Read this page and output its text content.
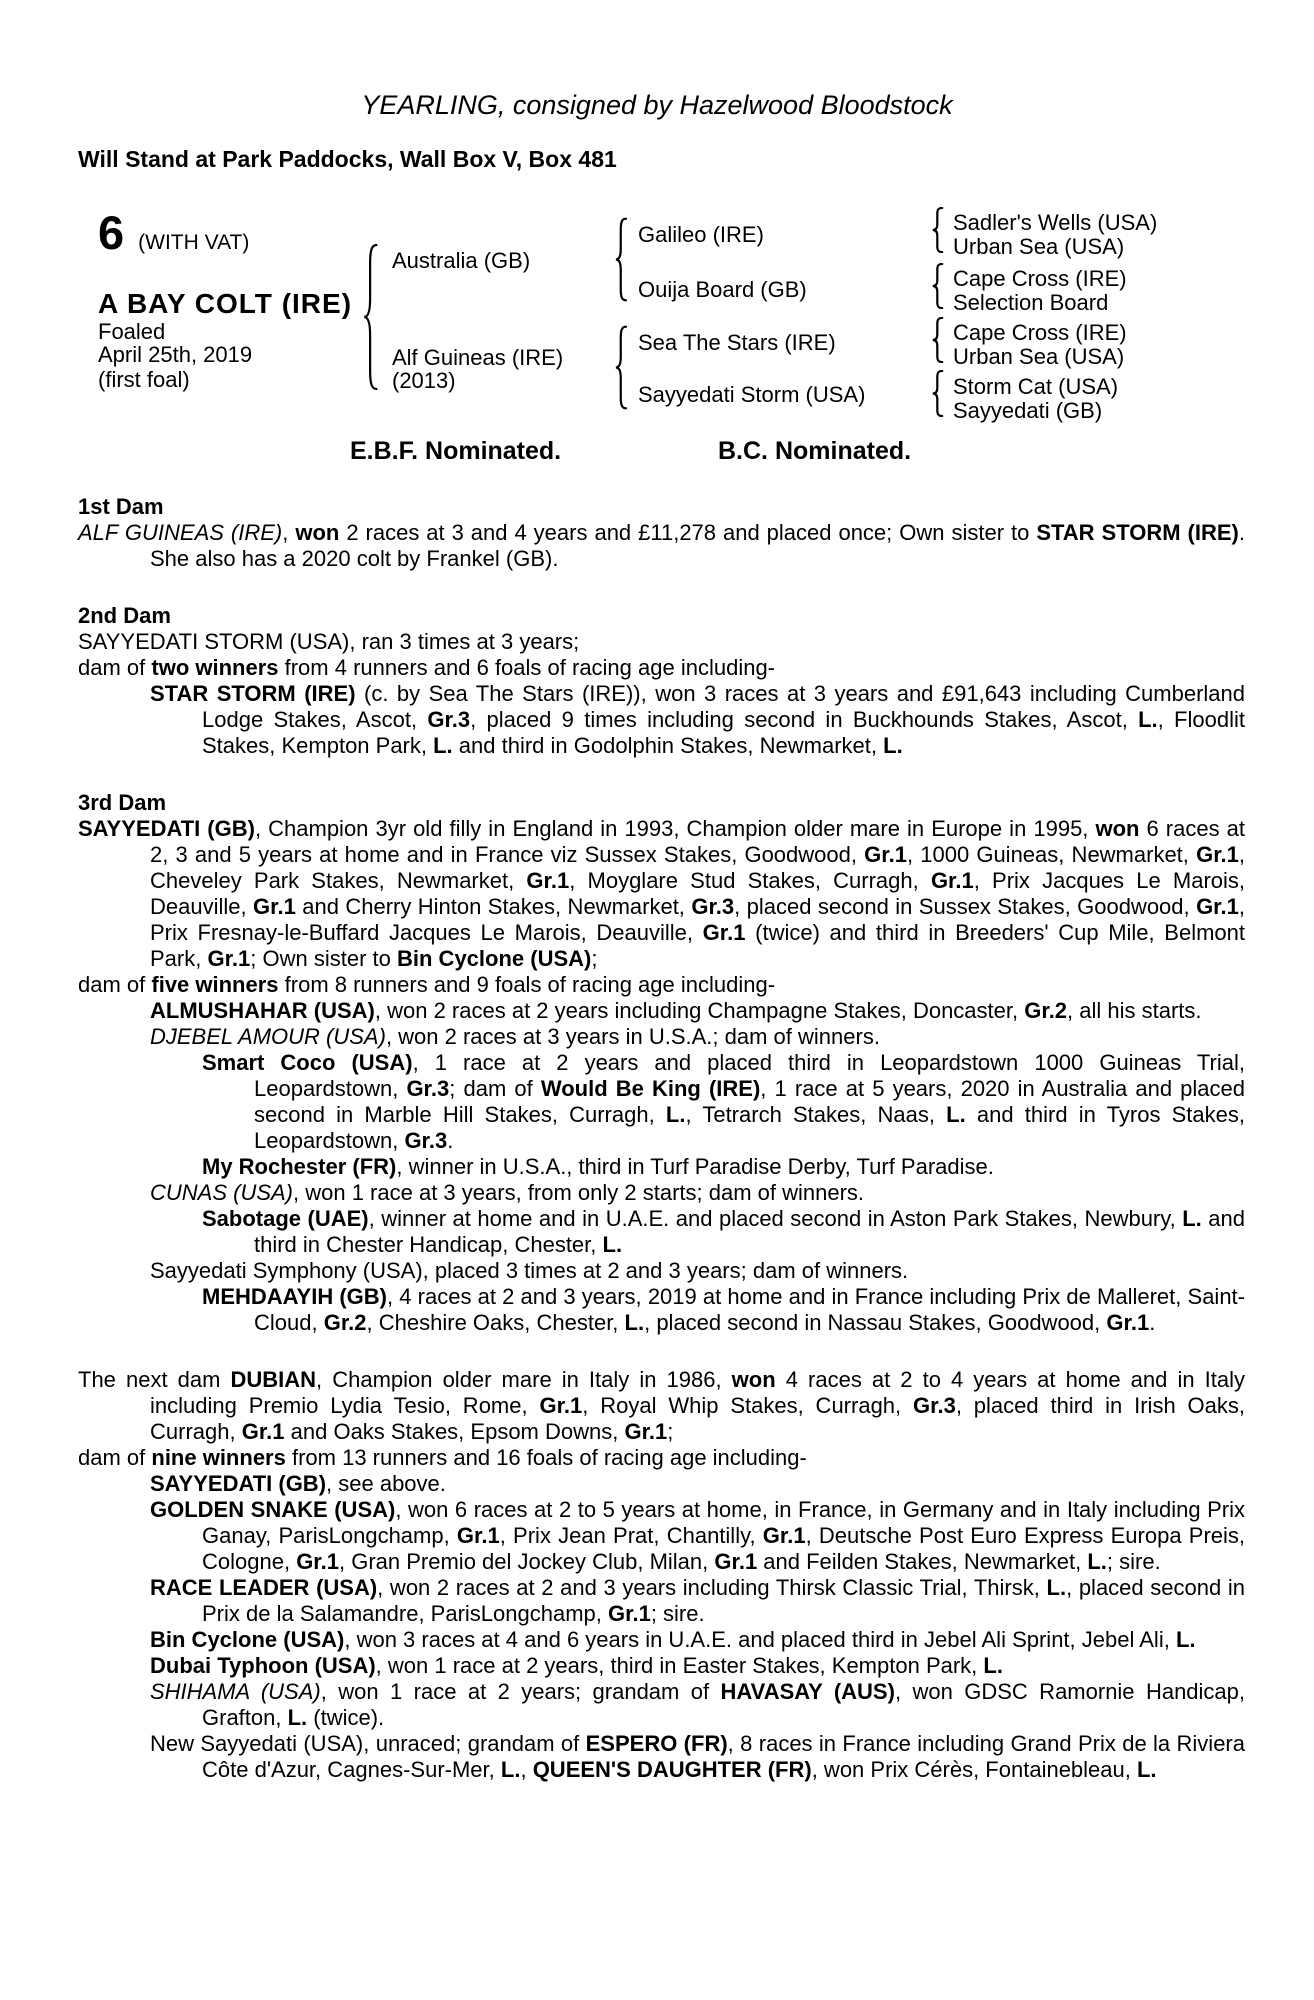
YEARLING, consigned by Hazelwood Bloodstock
Will Stand at Park Paddocks, Wall Box V, Box 481
6 (WITH VAT)
A BAY COLT (IRE)
Foaled
April 25th, 2019
(first foal)
Australia (GB)
Alf Guineas (IRE)
(2013)
Galileo (IRE)
Ouija Board (GB)
Sea The Stars (IRE)
Sayyedati Storm (USA)
Sadler's Wells (USA)
Urban Sea (USA)
Cape Cross (IRE)
Selection Board
Cape Cross (IRE)
Urban Sea (USA)
Storm Cat (USA)
Sayyedati (GB)
E.B.F. Nominated.	B.C. Nominated.
1st Dam

ALF GUINEAS (IRE), won 2 races at 3 and 4 years and £11,278 and placed once; Own sister to STAR STORM (IRE). She also has a 2020 colt by Frankel (GB).

2nd Dam

SAYYEDATI STORM (USA), ran 3 times at 3 years;

dam of two winners from 4 runners and 6 foals of racing age including-

STAR STORM (IRE) (c. by Sea The Stars (IRE)), won 3 races at 3 years and £91,643 including Cumberland Lodge Stakes, Ascot, Gr.3, placed 9 times including second in Buckhounds Stakes, Ascot, L., Floodlit Stakes, Kempton Park, L. and third in Godolphin Stakes, Newmarket, L.

3rd Dam

SAYYEDATI (GB), Champion 3yr old filly in England in 1993, Champion older mare in Europe in 1995, won 6 races at 2, 3 and 5 years at home and in France viz Sussex Stakes, Goodwood, Gr.1, 1000 Guineas, Newmarket, Gr.1, Cheveley Park Stakes, Newmarket, Gr.1, Moyglare Stud Stakes, Curragh, Gr.1, Prix Jacques Le Marois, Deauville, Gr.1 and Cherry Hinton Stakes, Newmarket, Gr.3, placed second in Sussex Stakes, Goodwood, Gr.1, Prix Fresnay-le-Buffard Jacques Le Marois, Deauville, Gr.1 (twice) and third in Breeders' Cup Mile, Belmont Park, Gr.1; Own sister to Bin Cyclone (USA);

dam of five winners from 8 runners and 9 foals of racing age including-

ALMUSHAHAR (USA), won 2 races at 2 years including Champagne Stakes, Doncaster, Gr.2, all his starts.

DJEBEL AMOUR (USA), won 2 races at 3 years in U.S.A.; dam of winners.

Smart Coco (USA), 1 race at 2 years and placed third in Leopardstown 1000 Guineas Trial, Leopardstown, Gr.3; dam of Would Be King (IRE), 1 race at 5 years, 2020 in Australia and placed second in Marble Hill Stakes, Curragh, L., Tetrarch Stakes, Naas, L. and third in Tyros Stakes, Leopardstown, Gr.3.

My Rochester (FR), winner in U.S.A., third in Turf Paradise Derby, Turf Paradise.

CUNAS (USA), won 1 race at 3 years, from only 2 starts; dam of winners.

Sabotage (UAE), winner at home and in U.A.E. and placed second in Aston Park Stakes, Newbury, L. and third in Chester Handicap, Chester, L.

Sayyedati Symphony (USA), placed 3 times at 2 and 3 years; dam of winners.

MEHDAAYIH (GB), 4 races at 2 and 3 years, 2019 at home and in France including Prix de Malleret, Saint-Cloud, Gr.2, Cheshire Oaks, Chester, L., placed second in Nassau Stakes, Goodwood, Gr.1.

The next dam DUBIAN, Champion older mare in Italy in 1986, won 4 races at 2 to 4 years at home and in Italy including Premio Lydia Tesio, Rome, Gr.1, Royal Whip Stakes, Curragh, Gr.3, placed third in Irish Oaks, Curragh, Gr.1 and Oaks Stakes, Epsom Downs, Gr.1;

dam of nine winners from 13 runners and 16 foals of racing age including-

SAYYEDATI (GB), see above.

GOLDEN SNAKE (USA), won 6 races at 2 to 5 years at home, in France, in Germany and in Italy including Prix Ganay, ParisLongchamp, Gr.1, Prix Jean Prat, Chantilly, Gr.1, Deutsche Post Euro Express Europa Preis, Cologne, Gr.1, Gran Premio del Jockey Club, Milan, Gr.1 and Feilden Stakes, Newmarket, L.; sire.

RACE LEADER (USA), won 2 races at 2 and 3 years including Thirsk Classic Trial, Thirsk, L., placed second in Prix de la Salamandre, ParisLongchamp, Gr.1; sire.

Bin Cyclone (USA), won 3 races at 4 and 6 years in U.A.E. and placed third in Jebel Ali Sprint, Jebel Ali, L.

Dubai Typhoon (USA), won 1 race at 2 years, third in Easter Stakes, Kempton Park, L.

SHIHAMA (USA), won 1 race at 2 years; grandam of HAVASAY (AUS), won GDSC Ramornie Handicap, Grafton, L. (twice).

New Sayyedati (USA), unraced; grandam of ESPERO (FR), 8 races in France including Grand Prix de la Riviera Côte d'Azur, Cagnes-Sur-Mer, L., QUEEN'S DAUGHTER (FR), won Prix Cérès, Fontainebleau, L.
